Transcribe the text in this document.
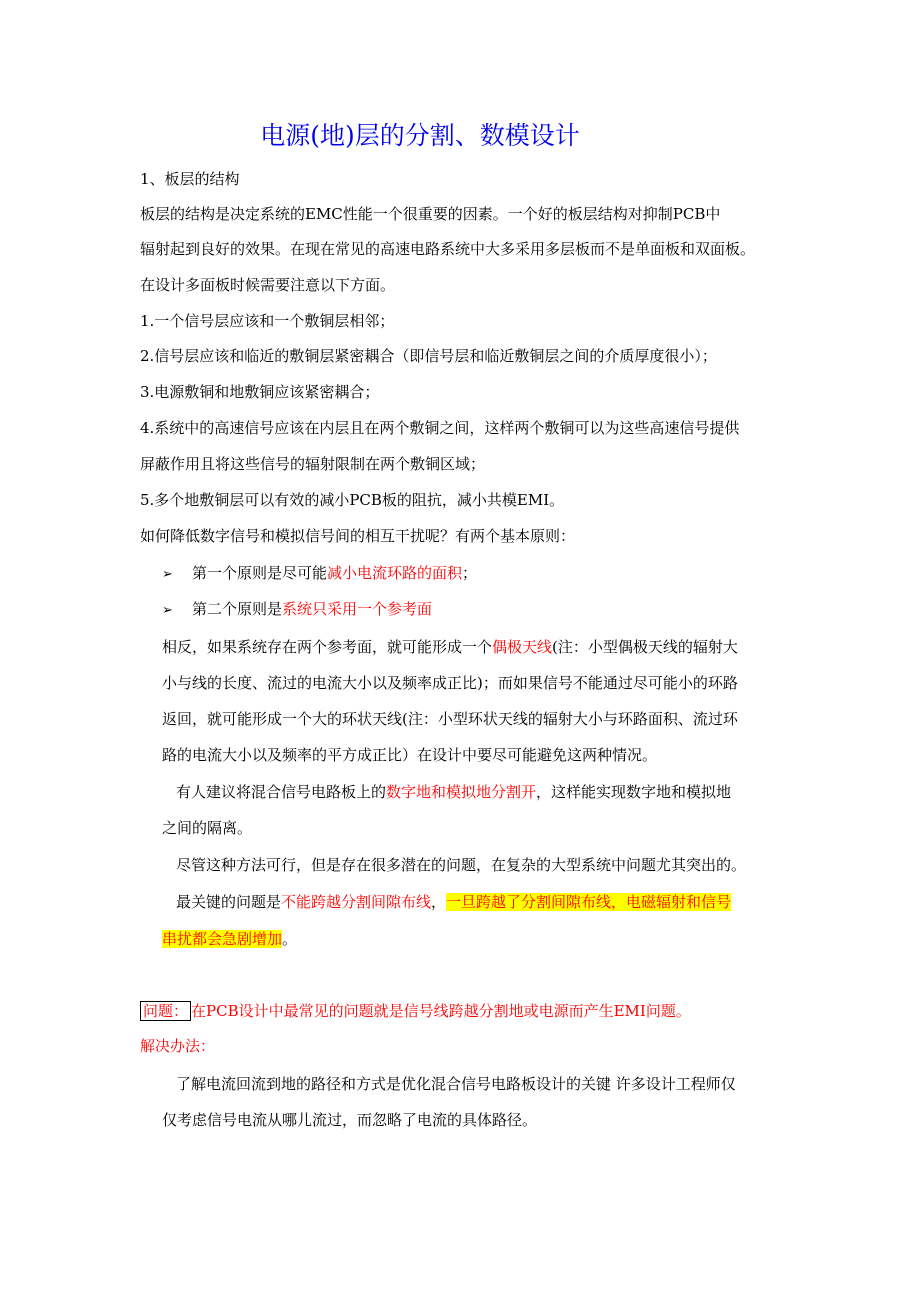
电源(地)层的分割、数模设计
1、板层的结构
板层的结构是决定系统的EMC性能一个很重要的因素。一个好的板层结构对抑制PCB中
辐射起到良好的效果。在现在常见的高速电路系统中大多采用多层板而不是单面板和双面板。
在设计多面板时候需要注意以下方面。
1.一个信号层应该和一个敷铜层相邻；
2.信号层应该和临近的敷铜层紧密耦合（即信号层和临近敷铜层之间的介质厚度很小）；
3.电源敷铜和地敷铜应该紧密耦合；
4.系统中的高速信号应该在内层且在两个敷铜之间，这样两个敷铜可以为这些高速信号提供
屏蔽作用且将这些信号的辐射限制在两个敷铜区域；
5.多个地敷铜层可以有效的减小PCB板的阻抗，减小共模EMI。
如何降低数字信号和模拟信号间的相互干扰呢？有两个基本原则：
➢ 第一个原则是尽可能减小电流环路的面积；
➢ 第二个原则是系统只采用一个参考面
相反，如果系统存在两个参考面，就可能形成一个偶极天线(注：小型偶极天线的辐射大
小与线的长度、流过的电流大小以及频率成正比)；而如果信号不能通过尽可能小的环路
返回，就可能形成一个大的环状天线(注：小型环状天线的辐射大小与环路面积、流过环
路的电流大小以及频率的平方成正比）在设计中要尽可能避免这两种情况。
有人建议将混合信号电路板上的数字地和模拟地分割开，这样能实现数字地和模拟地
之间的隔离。
尽管这种方法可行，但是存在很多潜在的问题，在复杂的大型系统中问题尤其突出的。
最关键的问题是不能跨越分割间隙布线，一旦跨越了分割间隙布线，电磁辐射和信号
串扰都会急剧增加。
问题： 在PCB设计中最常见的问题就是信号线跨越分割地或电源而产生EMI问题。
解决办法：
了解电流回流到地的路径和方式是优化混合信号电路板设计的关键 许多设计工程师仅
仅考虑信号电流从哪儿流过，而忽略了电流的具体路径。
